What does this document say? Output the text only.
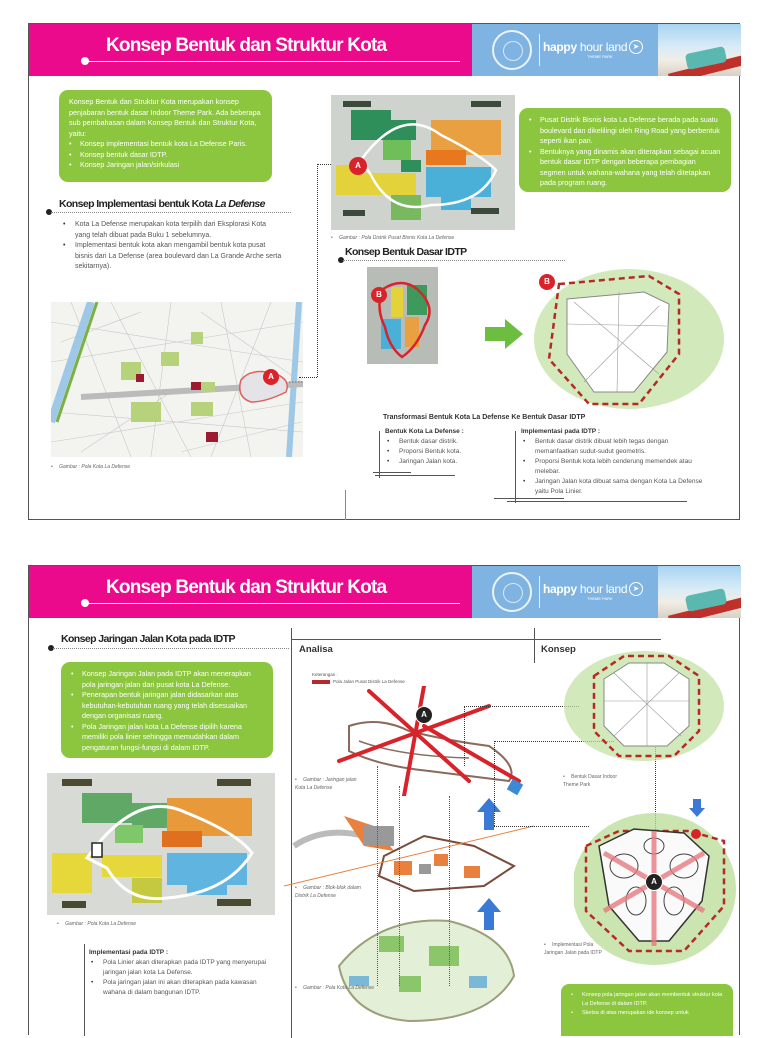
Konsep Bentuk dan Struktur Kota	happy hour land
THEME PARK
➤
Konsep Bentuk dan Struktur Kota merupakan konsep penjabaran bentuk dasar Indoor Theme Park. Ada beberapa sub pembahasan dalam Konsep Bentuk dan Struktur Kota, yaitu:
• Konsep implementasi bentuk kota La Defense Paris.
• Konsep bentuk dasar IDTP.
• Konsep Jaringan jalan/sirkulasi
Konsep Implementasi bentuk Kota La Defense
• Kota La Defense merupakan kota terpilih dari Eksplorasi Kota yang telah dibuat pada Buku 1 sebelumnya.
• Implementasi bentuk kota akan mengambil bentuk kota pusat bisnis dari La Defense (area boulevard dan La Grande Arche serta sekitarnya).
A
• Gambar : Pola Kota La Defense
A
• Gambar : Pola Distrik Pusat Bisnis Kota La Defense
• Pusat Distrik Bisnis kota La Defense berada pada suatu boulevard dan dikelilingi oleh Ring Road yang berbentuk seperti ikan pari.
• Bentuknya yang dinamis akan diterapkan sebagai acuan bentuk dasar IDTP dengan beberapa pembagian segmen untuk wahana-wahana yang telah ditetapkan pada program ruang.
Konsep Bentuk Dasar IDTP
B
B
Transformasi Bentuk Kota La Defense Ke Bentuk Dasar IDTP
Bentuk Kota La Defense :
• Bentuk dasar distrik.
• Proporsi Bentuk kota.
• Jaringan Jalan kota.
Implementasi pada IDTP :
• Bentuk dasar distrik dibuat lebih tegas dengan memanfaatkan sudut-sudut geometris.
• Proporsi Bentuk kota lebih cenderung memendek atau melebar.
• Jaringan Jalan kota dibuat sama dengan Kota La Defense yaitu Pola Linier.
Konsep Bentuk dan Struktur Kota	happy hour land
THEME PARK
➤
Konsep Jaringan Jalan Kota pada IDTP
• Konsep Jaringan Jalan pada IDTP akan menerapkan pola jaringan jalan dari pusat kota La Defense.
• Penerapan bentuk jaringan jalan didasarkan atas kebutuhan-kebutuhan ruang yang telah disesuaikan dengan organisasi ruang.
• Pola Jaringan jalan kota La Defense dipilih karena memiliki pola linier sehingga memudahkan dalam pengaturan fungsi-fungsi di dalam IDTP.
• Gambar : Pola Kota La Defense
Implementasi pada IDTP :
• Pola Linier akan diterapkan pada IDTP yang menyerupai jaringan jalan kota La Defense.
• Pola jaringan jalan ini akan diterapkan pada kawasan wahana di dalam bangunan IDTP.
Analisa
Keterangan :
Pola Jalan Pusat Distrik La Defense
A
• Gambar : Jaringan jalan Kota La Defense
• Gambar : Blok-blok dalam Distrik La Defense
• Gambar : Pola Kota La Defense
Konsep
• Bentuk Dasar Indoor Theme Park
A
• Implementasi Pola Jaringan Jalan pada IDTP
• Konsep pola jaringan jalan akan membentuk struktur kota La Defense di dalam IDTP.
• Sketsa di atas merupakan ide konsep untuk
